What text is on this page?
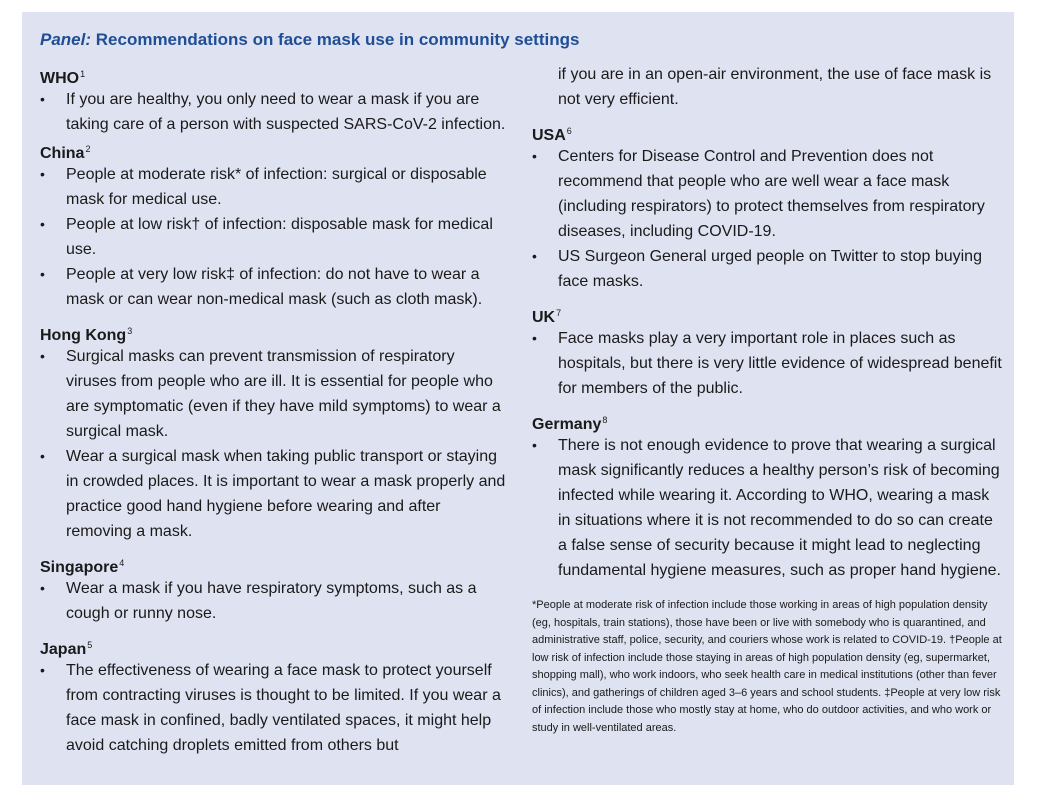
Panel: Recommendations on face mask use in community settings
WHO$^1$
• If you are healthy, you only need to wear a mask if you are taking care of a person with suspected SARS-CoV-2 infection.
China$^2$
• People at moderate risk* of infection: surgical or disposable mask for medical use.
• People at low risk† of infection: disposable mask for medical use.
• People at very low risk‡ of infection: do not have to wear a mask or can wear non-medical mask (such as cloth mask).
Hong Kong$^3$
• Surgical masks can prevent transmission of respiratory viruses from people who are ill. It is essential for people who are symptomatic (even if they have mild symptoms) to wear a surgical mask.
• Wear a surgical mask when taking public transport or staying in crowded places. It is important to wear a mask properly and practice good hand hygiene before wearing and after removing a mask.
Singapore$^4$
• Wear a mask if you have respiratory symptoms, such as a cough or runny nose.
Japan$^5$
• The effectiveness of wearing a face mask to protect yourself from contracting viruses is thought to be limited. If you wear a face mask in confined, badly ventilated spaces, it might help avoid catching droplets emitted from others but

if you are in an open-air environment, the use of face mask is not very efficient.

USA$^6$
• Centers for Disease Control and Prevention does not recommend that people who are well wear a face mask (including respirators) to protect themselves from respiratory diseases, including COVID-19.
• US Surgeon General urged people on Twitter to stop buying face masks.
$UK^7$
• Face masks play a very important role in places such as hospitals, but there is very little evidence of widespread benefit for members of the public.
Germany$^8$
• There is not enough evidence to prove that wearing a surgical mask significantly reduces a healthy person’s risk of becoming infected while wearing it. According to WHO, wearing a mask in situations where it is not recommended to do so can create a false sense of security because it might lead to neglecting fundamental hygiene measures, such as proper hand hygiene.
*People at moderate risk of infection include those working in areas of high population density (eg, hospitals, train stations), those have been or live with somebody who is quarantined, and administrative staff, police, security, and couriers whose work is related to COVID-19. †People at low risk of infection include those staying in areas of high population density (eg, supermarket, shopping mall), who work indoors, who seek health care in medical institutions (other than fever clinics), and gatherings of children aged 3–6 years and school students. ‡People at very low risk of infection include those who mostly stay at home, who do outdoor activities, and who work or study in well-ventilated areas.
